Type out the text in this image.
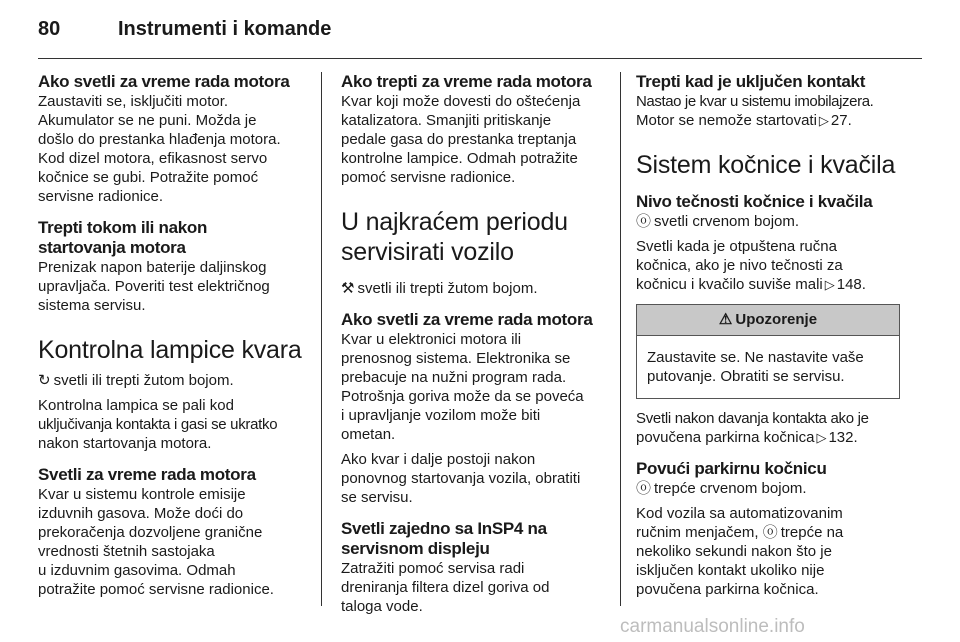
80	Instrumenti i komande
Ako svetli za vreme rada motora

Zaustaviti se, isključiti motor.

Akumulator se ne puni. Možda je

došlo do prestanka hlađenja motora.

Kod dizel motora, efikasnost servo

kočnice se gubi. Potražite pomoć

servisne radionice.

Trepti tokom ili nakon
startovanja motora

Prenizak napon baterije daljinskog

upravljača. Poveriti test električnog

sistema servisu.

Kontrolna lampice kvara

↻ svetli ili trepti žutom bojom.

Kontrolna lampica se pali kod

uključivanja kontakta i gasi se ukratko

nakon startovanja motora.

Svetli za vreme rada motora

Kvar u sistemu kontrole emisije

izduvnih gasova. Može doći do

prekoračenja dozvoljene granične

vrednosti štetnih sastojaka

u izduvnim gasovima. Odmah

potražite pomoć servisne radionice.

Ako trepti za vreme rada motora

Kvar koji može dovesti do oštećenja

katalizatora. Smanjiti pritiskanje

pedale gasa do prestanka treptanja

kontrolne lampice. Odmah potražite

pomoć servisne radionice.

U najkraćem periodu
servisirati vozilo

⚒ svetli ili trepti žutom bojom.

Ako svetli za vreme rada motora

Kvar u elektronici motora ili

prenosnog sistema. Elektronika se

prebacuje na nužni program rada.

Potrošnja goriva može da se poveća

i upravljanje vozilom može biti

ometan.

Ako kvar i dalje postoji nakon

ponovnog startovanja vozila, obratiti

se servisu.

Svetli zajedno sa InSP4 na
servisnom displeju

Zatražiti pomoć servisa radi

dreniranja filtera dizel goriva od

taloga vode.

Trepti kad je uključen kontakt

Nastao je kvar u sistemu imobilajzera.

Motor se nemože startovati ▷ 27.

Sistem kočnice i kvačila
Nivo tečnosti kočnice i kvačila

ⓞ svetli crvenom bojom.

Svetli kada je otpuštena ručna

kočnica, ako je nivo tečnosti za

kočnicu i kvačilo suviše mali ▷ 148.

⚠ Upozorenje
Zaustavite se. Ne nastavite vaše
putovanje. Obratiti se servisu.

Svetli nakon davanja kontakta ako je

povučena parkirna kočnica ▷ 132.

Povući parkirnu kočnicu

ⓞ trepće crvenom bojom.

Kod vozila sa automatizovanim

ručnim menjačem, ⓞ trepće na

nekoliko sekundi nakon što je

isključen kontakt ukoliko nije

povučena parkirna kočnica.

carmanualsonline.info
